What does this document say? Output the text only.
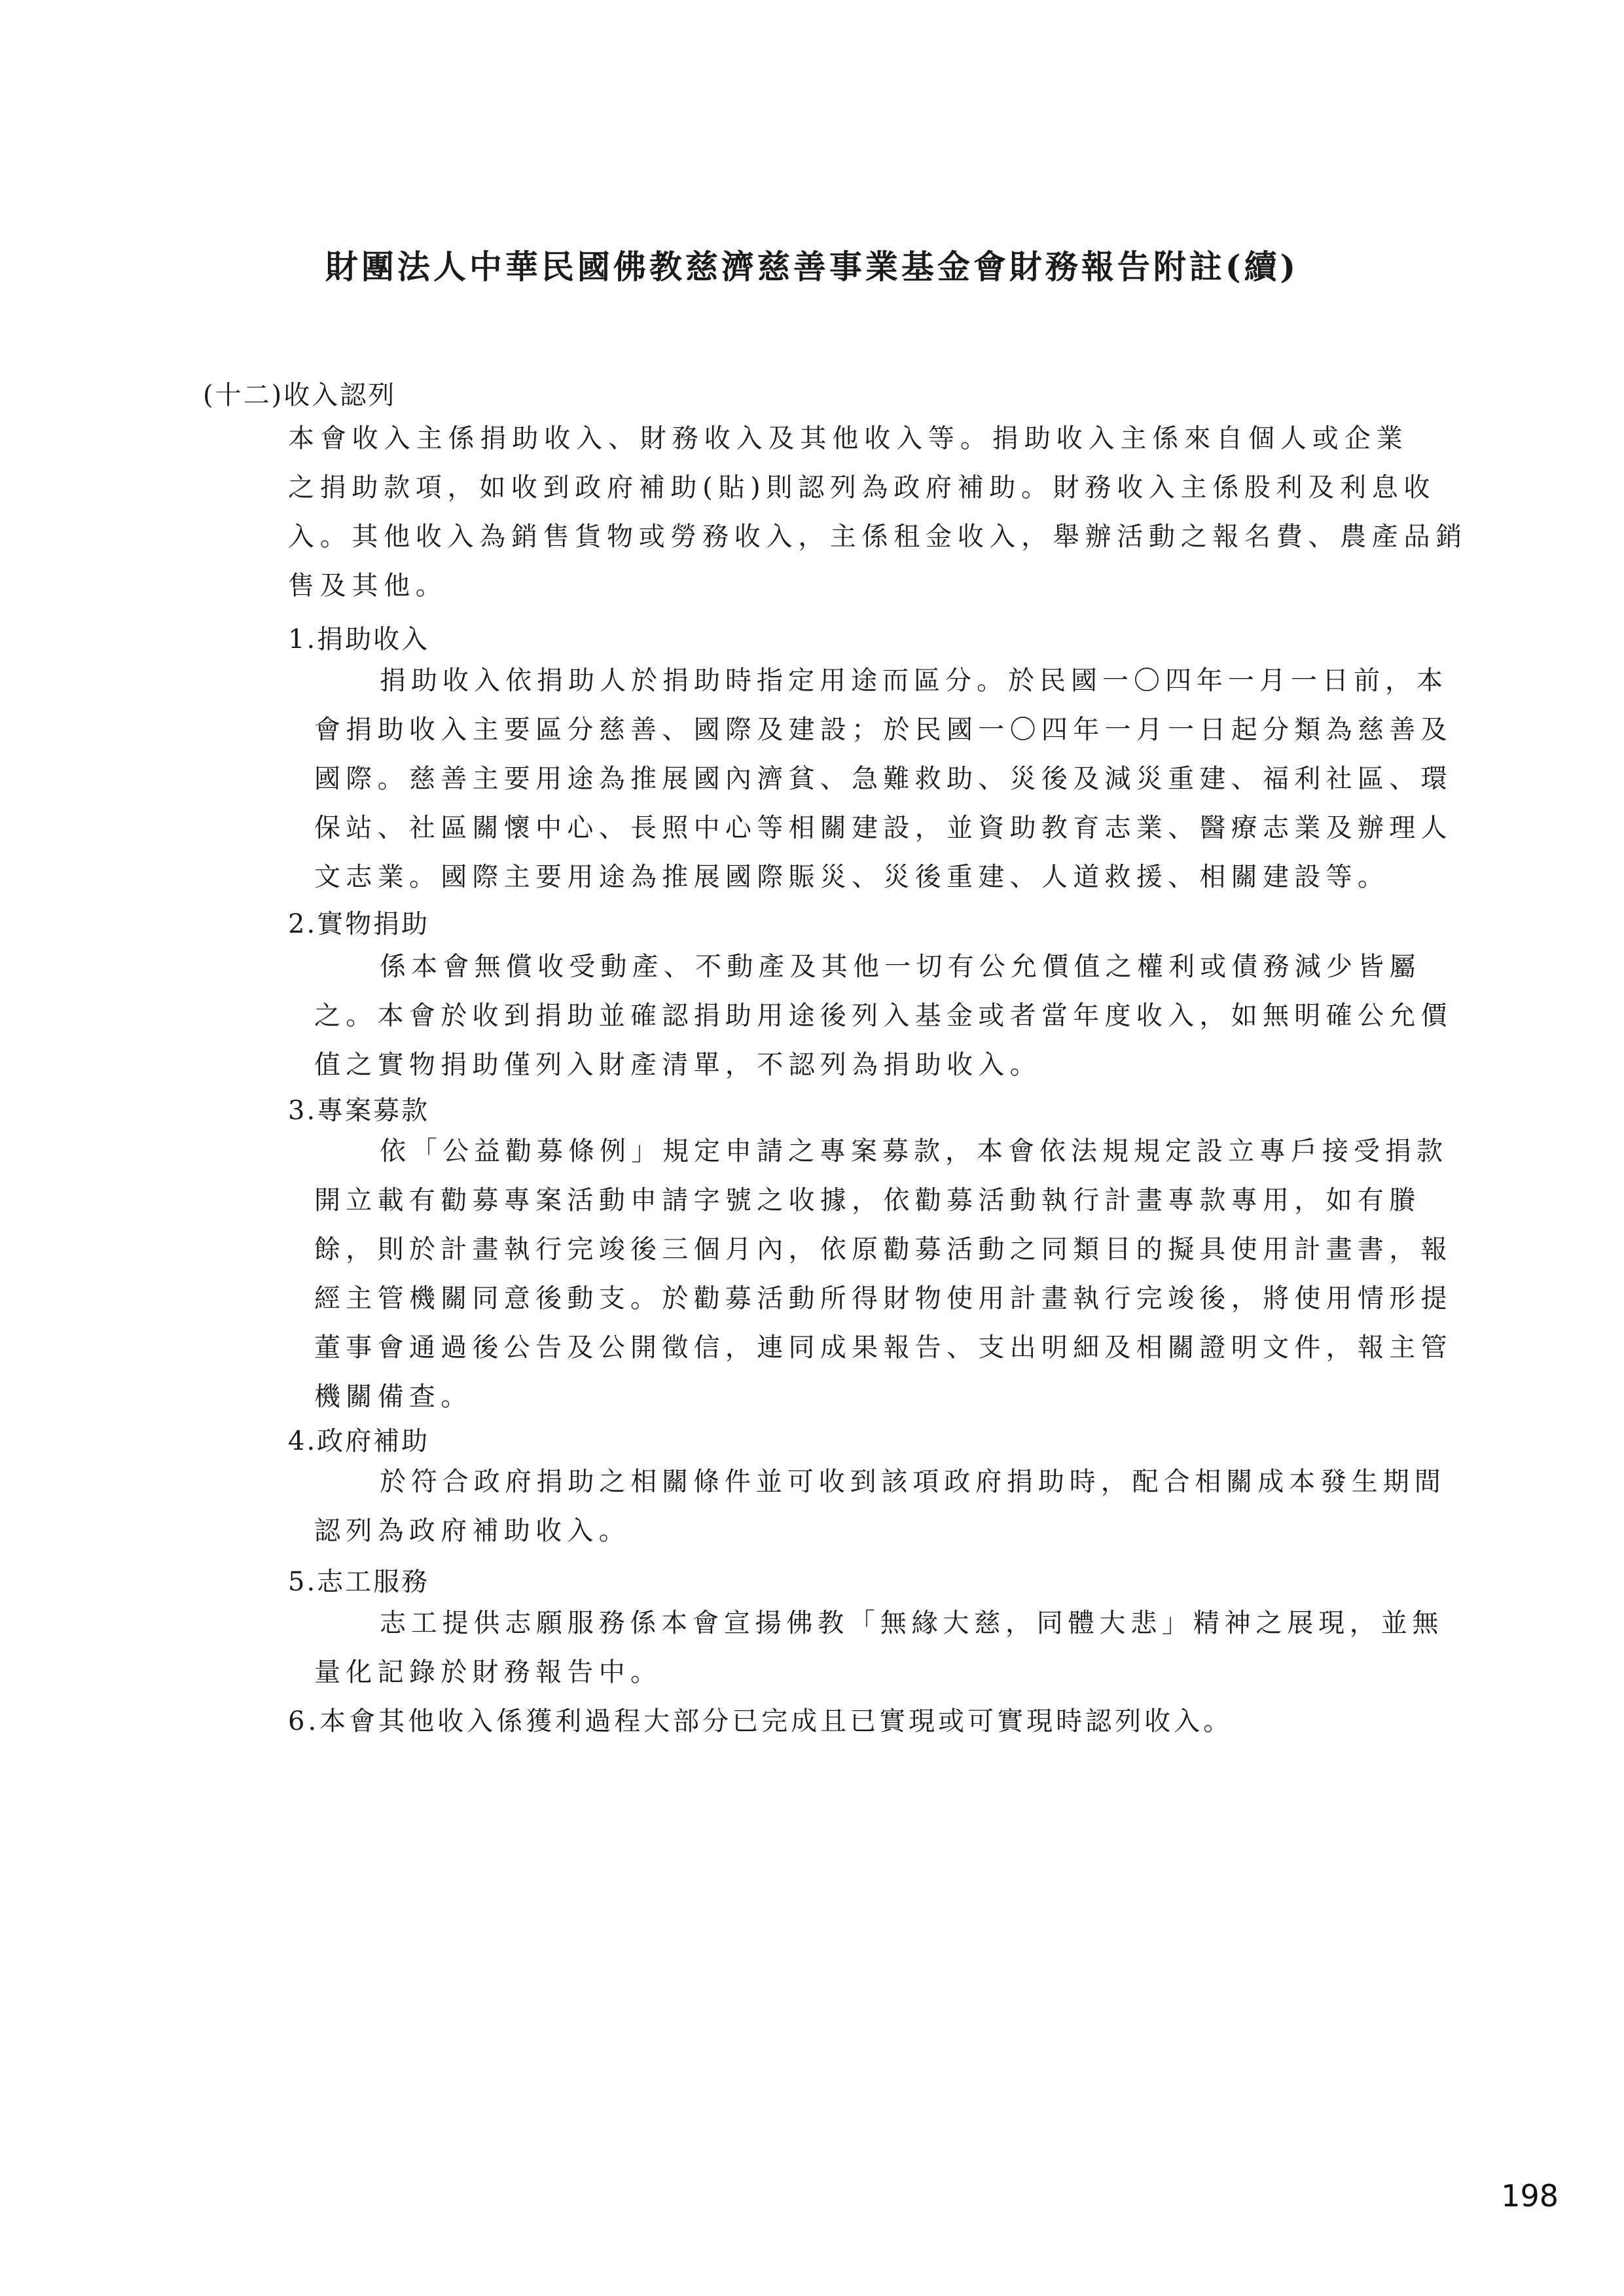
財團法人中華民國佛教慈濟慈善事業基金會財務報告附註(續)
(十二)收入認列
本會收入主係捐助收入、財務收入及其他收入等。捐助收入主係來自個人或企業
之捐助款項，如收到政府補助(貼)則認列為政府補助。財務收入主係股利及利息收
入。其他收入為銷售貨物或勞務收入，主係租金收入，舉辦活動之報名費、農產品銷
售及其他。
1.捐助收入
捐助收入依捐助人於捐助時指定用途而區分。於民國一〇四年一月一日前，本
會捐助收入主要區分慈善、國際及建設；於民國一〇四年一月一日起分類為慈善及
國際。慈善主要用途為推展國內濟貧、急難救助、災後及減災重建、福利社區、環
保站、社區關懷中心、長照中心等相關建設，並資助教育志業、醫療志業及辦理人
文志業。國際主要用途為推展國際賑災、災後重建、人道救援、相關建設等。
2.實物捐助
係本會無償收受動產、不動產及其他一切有公允價值之權利或債務減少皆屬
之。本會於收到捐助並確認捐助用途後列入基金或者當年度收入，如無明確公允價
值之實物捐助僅列入財產清單，不認列為捐助收入。
3.專案募款
依「公益勸募條例」規定申請之專案募款，本會依法規規定設立專戶接受捐款
開立載有勸募專案活動申請字號之收據，依勸募活動執行計畫專款專用，如有賸
餘，則於計畫執行完竣後三個月內，依原勸募活動之同類目的擬具使用計畫書，報
經主管機關同意後動支。於勸募活動所得財物使用計畫執行完竣後，將使用情形提
董事會通過後公告及公開徵信，連同成果報告、支出明細及相關證明文件，報主管
機關備查。
4.政府補助
於符合政府捐助之相關條件並可收到該項政府捐助時，配合相關成本發生期間
認列為政府補助收入。
5.志工服務
志工提供志願服務係本會宣揚佛教「無緣大慈，同體大悲」精神之展現，並無
量化記錄於財務報告中。
6.本會其他收入係獲利過程大部分已完成且已實現或可實現時認列收入。
198
